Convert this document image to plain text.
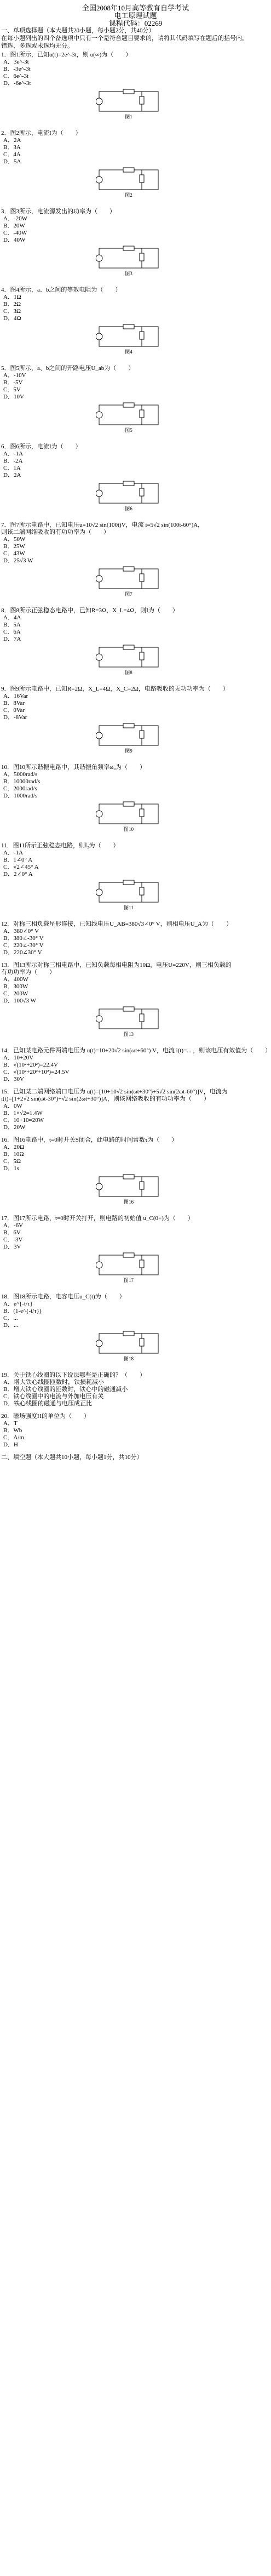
全国2008年10月高等教育自学考试
电工原理试题
课程代码：02269
一、单项选择题（本大题共20小题，每小题2分，共40分）
在每小题列出的四个备选项中只有一个是符合题目要求的，请将其代码填写在题后的括号内。
错选、多选或未选均无分。
1．图1所示，已知u(t)=2e^-3t，则 u(∞)为（　　）
A．3e^-3t
B．-3e^-3t
C．6e^-3t
D．-6e^-3t
图1
2．图2所示，电流I为（　　）
A．2A
B．3A
C．4A
D．5A
图2
3．图3所示，电流源发出的功率为（　　）
A．-20W
B．20W
C．-40W
D．40W
图3
4．图4所示，a、b之间的等效电阻为（　　）
A．1Ω
B．2Ω
C．3Ω
D．4Ω
图4
5．图5所示，a、b之间的开路电压U_ab为（　　）
A．-10V
B．-5V
C．5V
D．10V
图5
6．图6所示，电流I为（　　）
A．-1A
B．-2A
C．1A
D．2A
图6
7．图7所示电路中，已知电压u=10√2 sin(100t)V，电流 i=5√2 sin(100t-60°)A，
则该二端网络吸收的有功功率为（　　）
A．50W
B．25W
C．43W
D．25√3 W
图7
8．图8所示正弦稳态电路中，已知R=3Ω，X_L=4Ω，则I为（　　）
A．4A
B．5A
C．6A
D．7A
图8
9．图9所示电路中，已知R=2Ω，X_L=4Ω，X_C=2Ω，电路吸收的无功功率为（　　）
A．16Var
B．8Var
C．0Var
D．-8Var
图9
10．图10所示谐振电路中，其谐振角频率ω₀为（　　）
A．5000rad/s
B．10000rad/s
C．2000rad/s
D．1000rad/s
图10
11．图11所示正弦稳态电路，则İ₂为（　　）
A．-1A
B．1∠0° A
C．√2∠45° A
D．2∠0° A
图11
12．对称三相负载星形连接，已知线电压U_AB=380√3∠0° V，则相电压U_A为（　　）
A．380∠0° V
B．380∠-30° V
C．220∠-30° V
D．220∠30° V
13．图13所示对称三相电路中，已知负载每相电阻为10Ω，电压U=220V，则三相负载的
有功功率为（　　）
A．400W
B．300W
C．200W
D．100√3 W
图13
14．已知某电路元件两端电压为 u(t)=10+20√2 sin(ωt+60°) V，电流 i(t)=... ，则该电压有效值为（　　）
A．10+20V
B．√(10²+20²)=22.4V
C．√(10²+20²+10²)=24.5V
D．30V
15．已知某二端网络端口电压为 u(t)=[10+10√2 sin(ωt+30°)+5√2 sin(2ωt-60°)]V，电流为
i(t)=[1+2√2 sin(ωt-30°)+√2 sin(2ωt+30°)]A，则该网络吸收的有功功率为（　　）
A．0W
B．1×√2=1.4W
C．10+10=20W
D．20W
16．图16电路中，t=0时开关S闭合，此电路的时间常数τ为（　　）
A．20Ω
B．10Ω
C．5Ω
D．1s
图16
17．图17所示电路，t=0时开关打开，则电路的初始值 u_C(0+)为（　　）
A．-6V
B．6V
C．-3V
D．3V
图17
18．图18所示电路，电容电压u_C(t)为（　　）
A．e^{-t/τ}
B．(1-e^{-t/τ})
C．...
D．...
图18
19．关于铁心线圈的以下说法哪些是正确的？（　　）
A．增大铁心线圈匝数时，铁损耗减小
B．增大铁心线圈的匝数时，铁心中的磁通减小
C．铁心线圈中的电流与外加电压有关
D．铁心线圈的磁通与电压成正比
20．磁场强度H的单位为（　　）
A．T
B．Wb
C．A/m
D．H
二、填空题（本大题共10小题，每小题1分，共10分）
